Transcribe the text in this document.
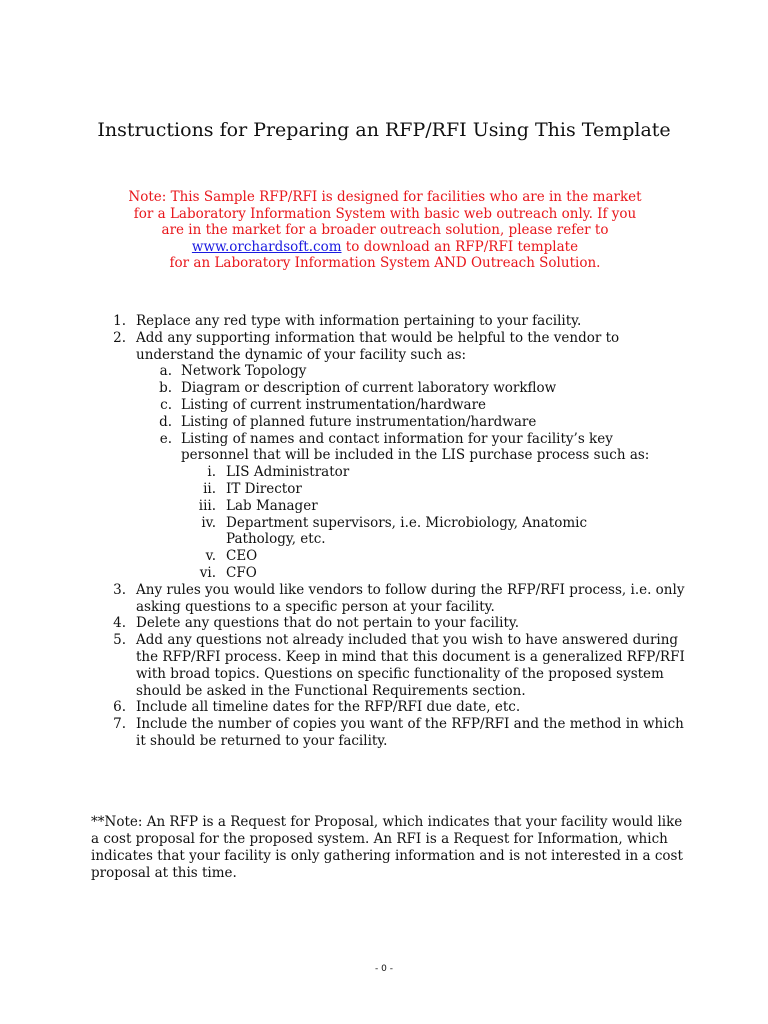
Instructions for Preparing an RFP/RFI Using This Template

Note: This Sample RFP/RFI is designed for facilities who are in the market
for a Laboratory Information System with basic web outreach only. If you
are in the market for a broader outreach solution, please refer to
www.orchardsoft.com to download an RFP/RFI template
for an Laboratory Information System AND Outreach Solution.

1. Replace any red type with information pertaining to your facility.
2. Add any supporting information that would be helpful to the vendor to understand the dynamic of your facility such as:
a. Network Topology
b. Diagram or description of current laboratory workflow
c. Listing of current instrumentation/hardware
d. Listing of planned future instrumentation/hardware
e. Listing of names and contact information for your facility’s key personnel that will be included in the LIS purchase process such as:
i. LIS Administrator
ii. IT Director
iii. Lab Manager
iv. Department supervisors, i.e. Microbiology, Anatomic Pathology, etc.
v. CEO
vi. CFO
3. Any rules you would like vendors to follow during the RFP/RFI process, i.e. only asking questions to a specific person at your facility.
4. Delete any questions that do not pertain to your facility.
5. Add any questions not already included that you wish to have answered during the RFP/RFI process. Keep in mind that this document is a generalized RFP/RFI with broad topics. Questions on specific functionality of the proposed system should be asked in the Functional Requirements section.
6. Include all timeline dates for the RFP/RFI due date, etc.
7. Include the number of copies you want of the RFP/RFI and the method in which it should be returned to your facility.

**Note: An RFP is a Request for Proposal, which indicates that your facility would like a cost proposal for the proposed system. An RFI is a Request for Information, which indicates that your facility is only gathering information and is not interested in a cost proposal at this time.

- 0 -
